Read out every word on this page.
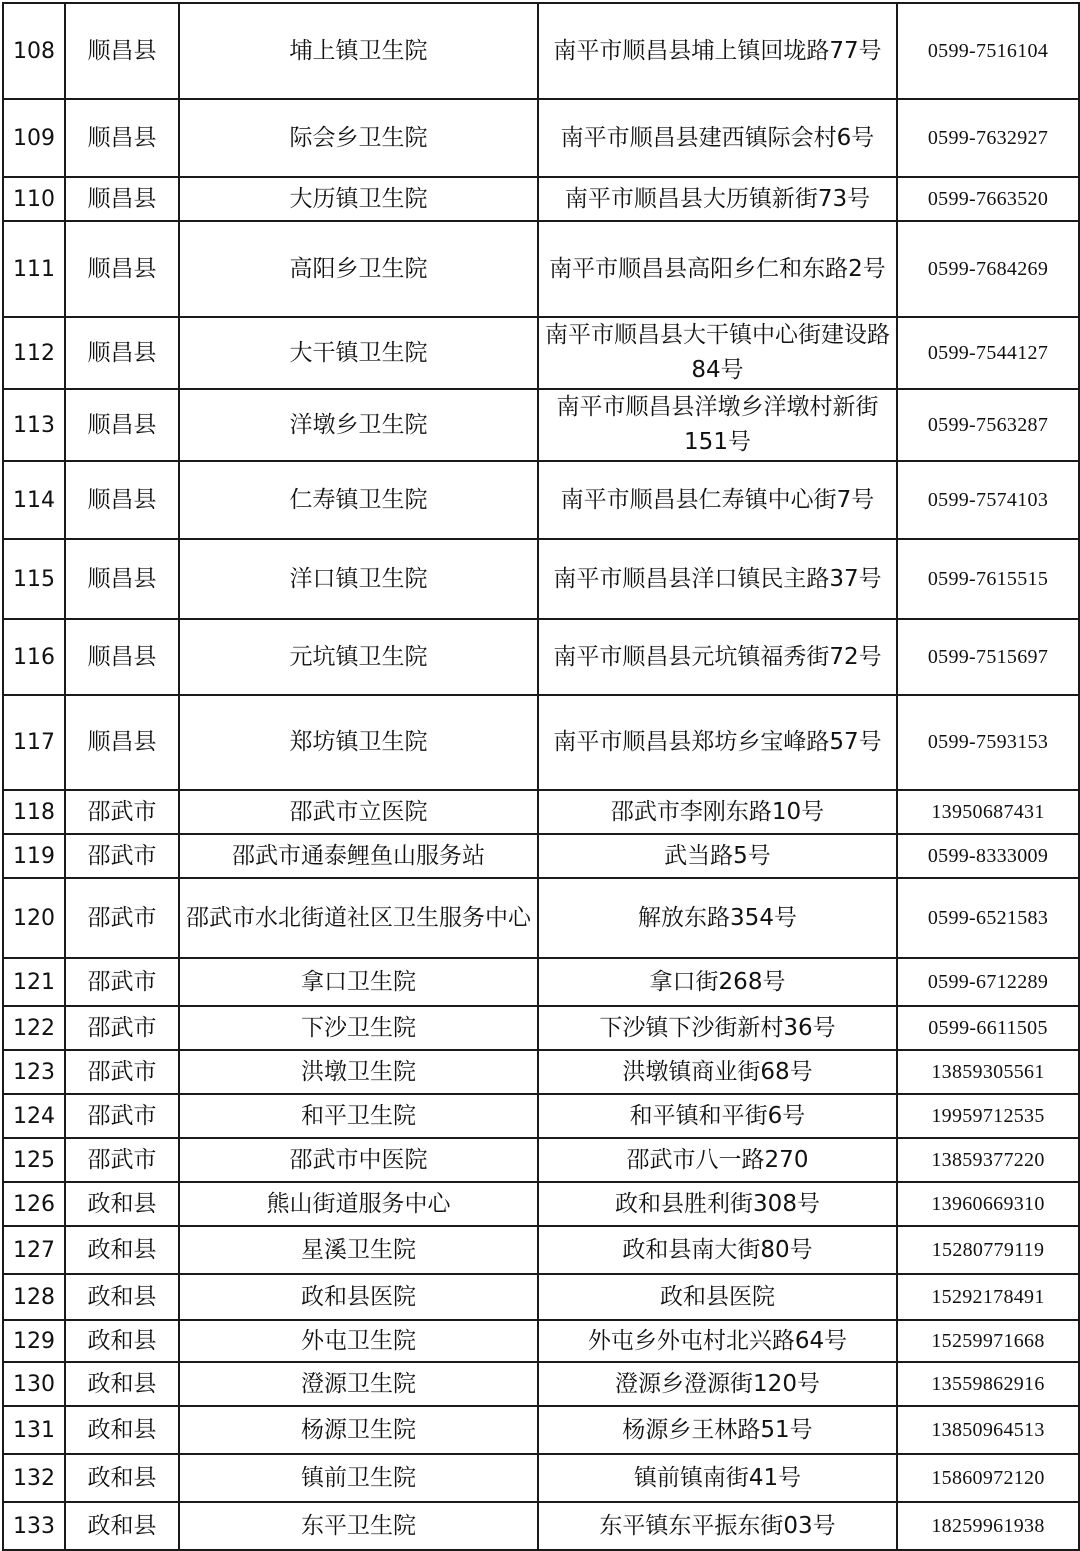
108	顺昌县	埔上镇卫生院	南平市顺昌县埔上镇回垅路77号	0599-7516104
109	顺昌县	际会乡卫生院	南平市顺昌县建西镇际会村6号	0599-7632927
110	顺昌县	大历镇卫生院	南平市顺昌县大历镇新街73号	0599-7663520
111	顺昌县	高阳乡卫生院	南平市顺昌县高阳乡仁和东路2号	0599-7684269
112	顺昌县	大干镇卫生院	南平市顺昌县大干镇中心街建设路84号	0599-7544127
113	顺昌县	洋墩乡卫生院	南平市顺昌县洋墩乡洋墩村新街151号	0599-7563287
114	顺昌县	仁寿镇卫生院	南平市顺昌县仁寿镇中心街7号	0599-7574103
115	顺昌县	洋口镇卫生院	南平市顺昌县洋口镇民主路37号	0599-7615515
116	顺昌县	元坑镇卫生院	南平市顺昌县元坑镇福秀街72号	0599-7515697
117	顺昌县	郑坊镇卫生院	南平市顺昌县郑坊乡宝峰路57号	0599-7593153
118	邵武市	邵武市立医院	邵武市李刚东路10号	13950687431
119	邵武市	邵武市通泰鲤鱼山服务站	武当路5号	0599-8333009
120	邵武市	邵武市水北街道社区卫生服务中心	解放东路354号	0599-6521583
121	邵武市	拿口卫生院	拿口街268号	0599-6712289
122	邵武市	下沙卫生院	下沙镇下沙街新村36号	0599-6611505
123	邵武市	洪墩卫生院	洪墩镇商业街68号	13859305561
124	邵武市	和平卫生院	和平镇和平街6号	19959712535
125	邵武市	邵武市中医院	邵武市八一路270	13859377220
126	政和县	熊山街道服务中心	政和县胜利街308号	13960669310
127	政和县	星溪卫生院	政和县南大街80号	15280779119
128	政和县	政和县医院	政和县医院	15292178491
129	政和县	外屯卫生院	外屯乡外屯村北兴路64号	15259971668
130	政和县	澄源卫生院	澄源乡澄源街120号	13559862916
131	政和县	杨源卫生院	杨源乡王林路51号	13850964513
132	政和县	镇前卫生院	镇前镇南街41号	15860972120
133	政和县	东平卫生院	东平镇东平振东街03号	18259961938
